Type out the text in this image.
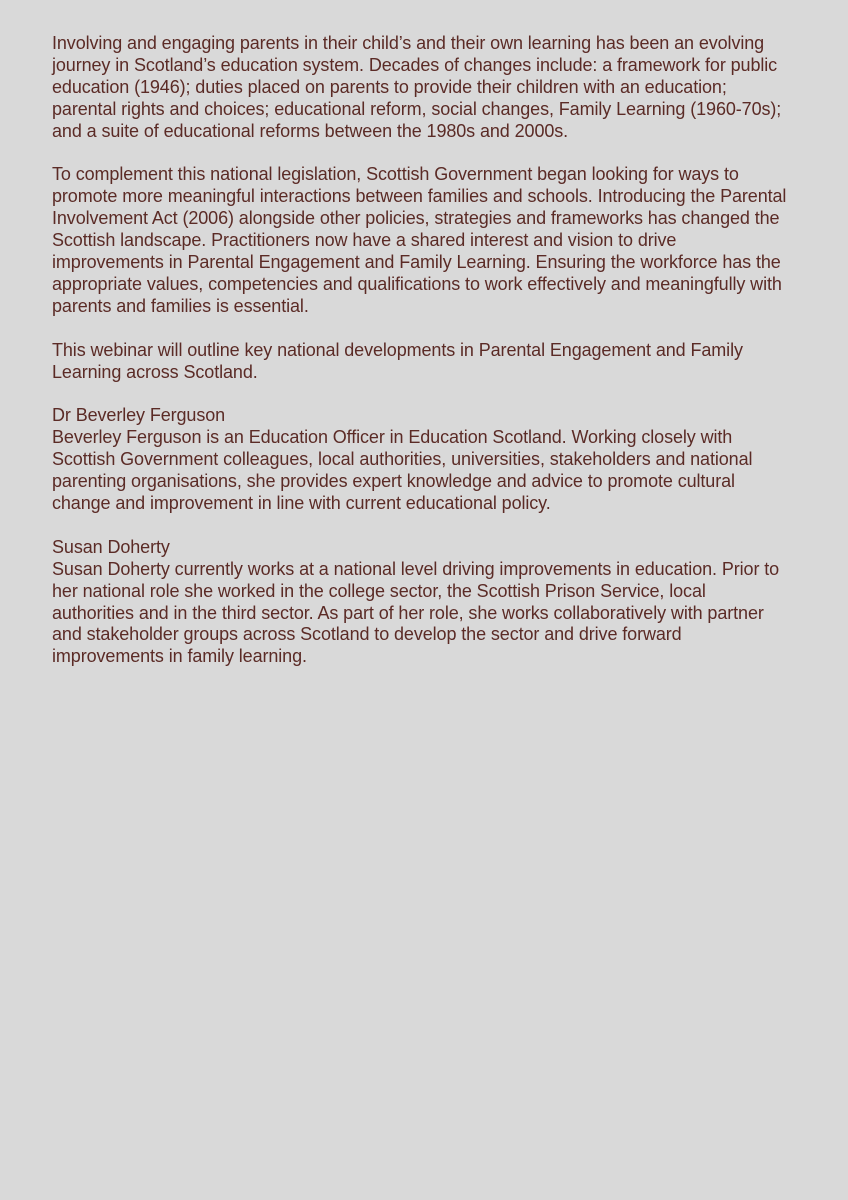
Involving and engaging parents in their child’s and their own learning has been an evolving journey in Scotland’s education system. Decades of changes include: a framework for public education (1946); duties placed on parents to provide their children with an education; parental rights and choices; educational reform, social changes, Family Learning (1960-70s); and a suite of educational reforms between the 1980s and 2000s.

To complement this national legislation, Scottish Government began looking for ways to promote more meaningful interactions between families and schools. Introducing the Parental Involvement Act (2006) alongside other policies, strategies and frameworks has changed the Scottish landscape. Practitioners now have a shared interest and vision to drive improvements in Parental Engagement and Family Learning. Ensuring the workforce has the appropriate values, competencies and qualifications to work effectively and meaningfully with parents and families is essential.

This webinar will outline key national developments in Parental Engagement and Family Learning across Scotland.

Dr Beverley Ferguson
Beverley Ferguson is an Education Officer in Education Scotland. Working closely with Scottish Government colleagues, local authorities, universities, stakeholders and national parenting organisations, she provides expert knowledge and advice to promote cultural change and improvement in line with current educational policy.

Susan Doherty
Susan Doherty currently works at a national level driving improvements in education. Prior to her national role she worked in the college sector, the Scottish Prison Service, local authorities and in the third sector. As part of her role, she works collaboratively with partner and stakeholder groups across Scotland to develop the sector and drive forward improvements in family learning.
